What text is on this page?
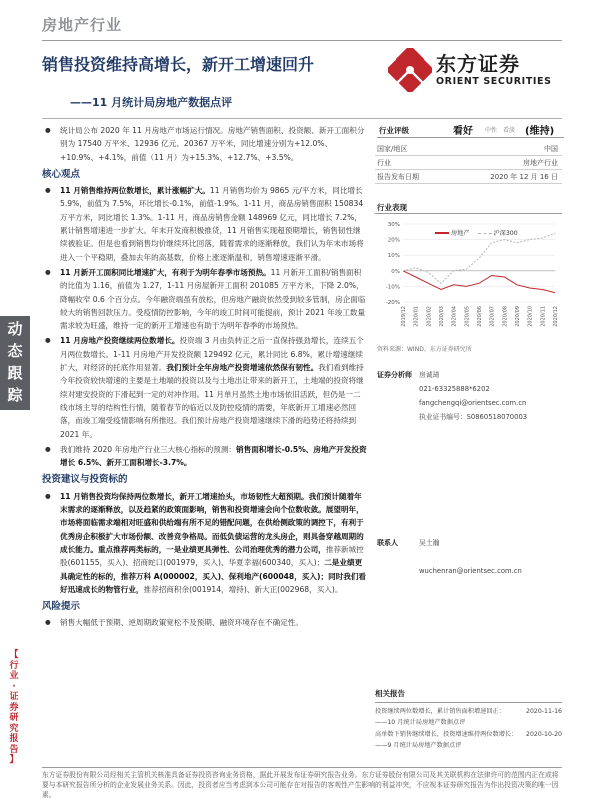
房地产行业
销售投资维持高增长，新开工增速回升
——11 月统计局房地产数据点评
东方证券
ORIENT SECURITIES
动
态
跟
踪
【
行
业
·
证
券
研
究
报
告
】
● 统计局公布 2020 年 11 月房地产市场运行情况。房地产销售面积、投资额、新开工面积分别为 17540 万平米、12936 亿元、20367 万平米，同比增速分别为+12.0%、+10.9%、+4.1%，前值（11 月）为+15.3%、+12.7%、+3.5%。
核心观点
● 11 月销售维持两位数增长，累计涨幅扩大。11 月销售均价为 9865 元/平方米，同比增长 5.9%，前值为 7.5%，环比增长-0.1%，前值-1.9%。1-11 月，商品房销售面积 150834 万平方米，同比增长 1.3%。1-11 月，商品房销售金额 148969 亿元，同比增长 7.2%，累计销售增速进一步扩大。年末开发商积极推货，11 月销售实现超预期增长，销售韧性继续被验证。但是也看到销售均价继续环比回落，随着需求的逐渐释放，我们认为年末市场将进入一个平稳期，叠加去年的高基数，价格上涨逐渐温和，销售增速逐渐平滑。
● 11 月新开工面积同比增速扩大，有利于为明年春季市场预热。11 月新开工面积/销售面积的比值为 1.16，前值为 1.27，1-11 月房屋新开工面积 201085 万平方米，下降 2.0%，降幅收窄 0.6 个百分点。今年融资端虽有放松，但房地产融资依然受到较多管制，房企面临较大的销售回款压力。受疫情防控影响，今年的竣工时间可能提前，预计 2021 年竣工数量需求较为旺盛，维持一定的新开工增速也有助于为明年春季的市场预热。
● 11 月房地产投资继续两位数增长。投资端 3 月由负转正之后一直保持强劲增长，连续五个月两位数增长。1-11 月房地产开发投资额 129492 亿元，累计同比 6.8%，累计增速继续扩大，对经济的托底作用显著。我们预计全年房地产投资增速依然保有韧性。我们看到维持今年投资较快增速的主要是土地端的投资以及与土地出让带来的新开工，土地端的投资将继续对建安投资的下滑起到一定的对冲作用。11 月单月虽然土地市场依旧活跃，但仍是一二线市场主导的结构性行情，随着春节的临近以及防控疫情的需要，年底新开工增速必然回落，而竣工端受疫情影响有所推迟。我们预计房地产投资增速继续下滑的趋势还将持续到 2021 年。
● 我们维持 2020 年房地产行业三大核心指标的预测：销售面积增长-0.5%、房地产开发投资增长 6.5%、新开工面积增长-3.7%。
投资建议与投资标的
● 11 月销售投资均保持两位数增长，新开工增速抬头，市场韧性大超预期。我们预计随着年末需求的逐渐释放，以及趋紧的政策面影响，销售和投资增速会向个位数收敛。展望明年，市场将面临需求端相对旺盛和供给端有所不足的错配问题，在供给侧政策的调控下，有利于优秀房企积极扩大市场份额、改善竞争格局。而低负债运营的龙头房企，则具备穿越周期的成长能力。重点推荐两类标的，一是业绩更具弹性、公司治理优秀的潜力公司，推荐新城控股(601155，买入)、招商蛇口(001979，买入)、华夏幸福(600340，买入)；二是业绩更具确定性的标的，推荐万科 A(000002，买入)、保利地产(600048，买入)；同时我们看好迅速成长的物管行业，推荐招商积余(001914，增持)、新大正(002968，买入)。
风险提示
● 销售大幅低于预期、逆周期政策宽松不及预期、融资环境存在不确定性。
行业评级	看好 中性 看淡 (维持)
国家/地区	中国
行业	房地产行业
报告发布日期	2020 年 12 月 16 日
行业表现
2019/12 2020/01 2020/02 2020/03 2020/04 2020/05 2020/06 2020/07 2020/08 2020/09 2020/10 2020/11 2020/12
30%
20%
10%
0%
-10%
-20%
房地产	沪深300
资料来源：WIND、东方证券研究所
证券分析师 房诚琦
021-63325888*6202
fangchengqi@orientsec.com.cn
执业证书编号：S0860518070003
联系人	吴土瀚
wuchenran@orientsec.com.cn
相关报告
投资继续两位数增长，累计销售面积增速回正：	2020-11-16
——10 月统计局房地产数据点评
高单数下销售继续增长，投资增速维持两位数增长： 2020-10-20
——9 月统计局房地产数据点评
东方证券股份有限公司经相关主管机关核准具备证券投资咨询业务资格，据此开展发布证券研究报告业务。东方证券股份有限公司及其关联机构在法律许可的范围内正在或将要与本研究报告所分析的企业发展业务关系。因此，投资者应当考虑到本公司可能存在对报告的客观性产生影响的利益冲突，不应视本证券研究报告为作出投资决策的唯一因素。
